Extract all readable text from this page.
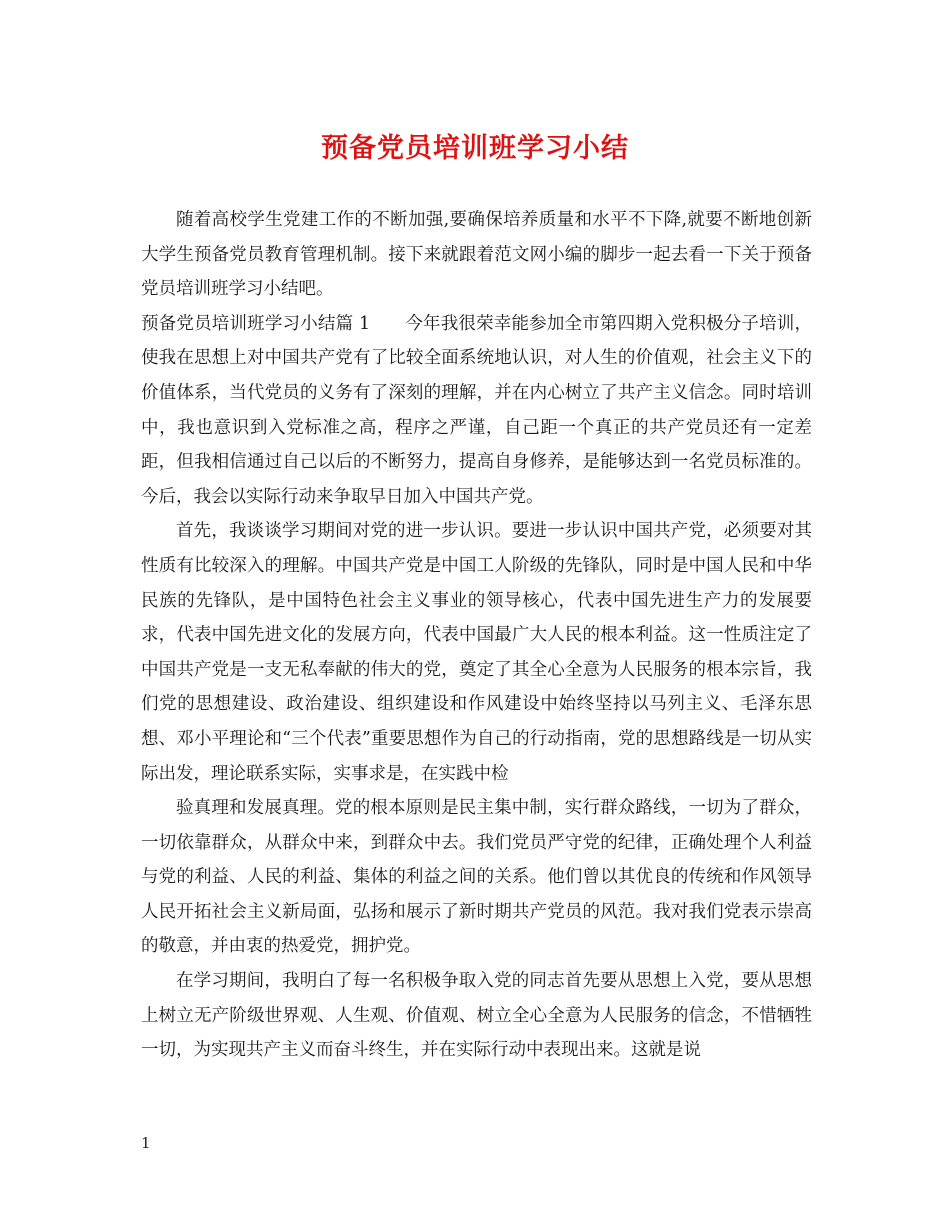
预备党员培训班学习小结

随着高校学生党建工作的不断加强,要确保培养质量和水平不下降,就要不断地创新大学生预备党员教育管理机制。接下来就跟着范文网小编的脚步一起去看一下关于预备党员培训班学习小结吧。

预备党员培训班学习小结篇 1 今年我很荣幸能参加全市第四期入党积极分子培训，使我在思想上对中国共产党有了比较全面系统地认识，对人生的价值观，社会主义下的价值体系，当代党员的义务有了深刻的理解，并在内心树立了共产主义信念。同时培训中，我也意识到入党标准之高，程序之严谨，自己距一个真正的共产党员还有一定差距，但我相信通过自己以后的不断努力，提高自身修养，是能够达到一名党员标准的。今后，我会以实际行动来争取早日加入中国共产党。

首先，我谈谈学习期间对党的进一步认识。要进一步认识中国共产党，必须要对其性质有比较深入的理解。中国共产党是中国工人阶级的先锋队，同时是中国人民和中华民族的先锋队，是中国特色社会主义事业的领导核心，代表中国先进生产力的发展要求，代表中国先进文化的发展方向，代表中国最广大人民的根本利益。这一性质注定了中国共产党是一支无私奉献的伟大的党，奠定了其全心全意为人民服务的根本宗旨，我们党的思想建设、政治建设、组织建设和作风建设中始终坚持以马列主义、毛泽东思想、邓小平理论和“三个代表”重要思想作为自己的行动指南，党的思想路线是一切从实际出发，理论联系实际，实事求是，在实践中检

验真理和发展真理。党的根本原则是民主集中制，实行群众路线，一切为了群众，一切依靠群众，从群众中来，到群众中去。我们党员严守党的纪律，正确处理个人利益与党的利益、人民的利益、集体的利益之间的关系。他们曾以其优良的传统和作风领导人民开拓社会主义新局面，弘扬和展示了新时期共产党员的风范。我对我们党表示崇高的敬意，并由衷的热爱党，拥护党。

在学习期间，我明白了每一名积极争取入党的同志首先要从思想上入党，要从思想上树立无产阶级世界观、人生观、价值观、树立全心全意为人民服务的信念，不惜牺牲一切，为实现共产主义而奋斗终生，并在实际行动中表现出来。这就是说

1
